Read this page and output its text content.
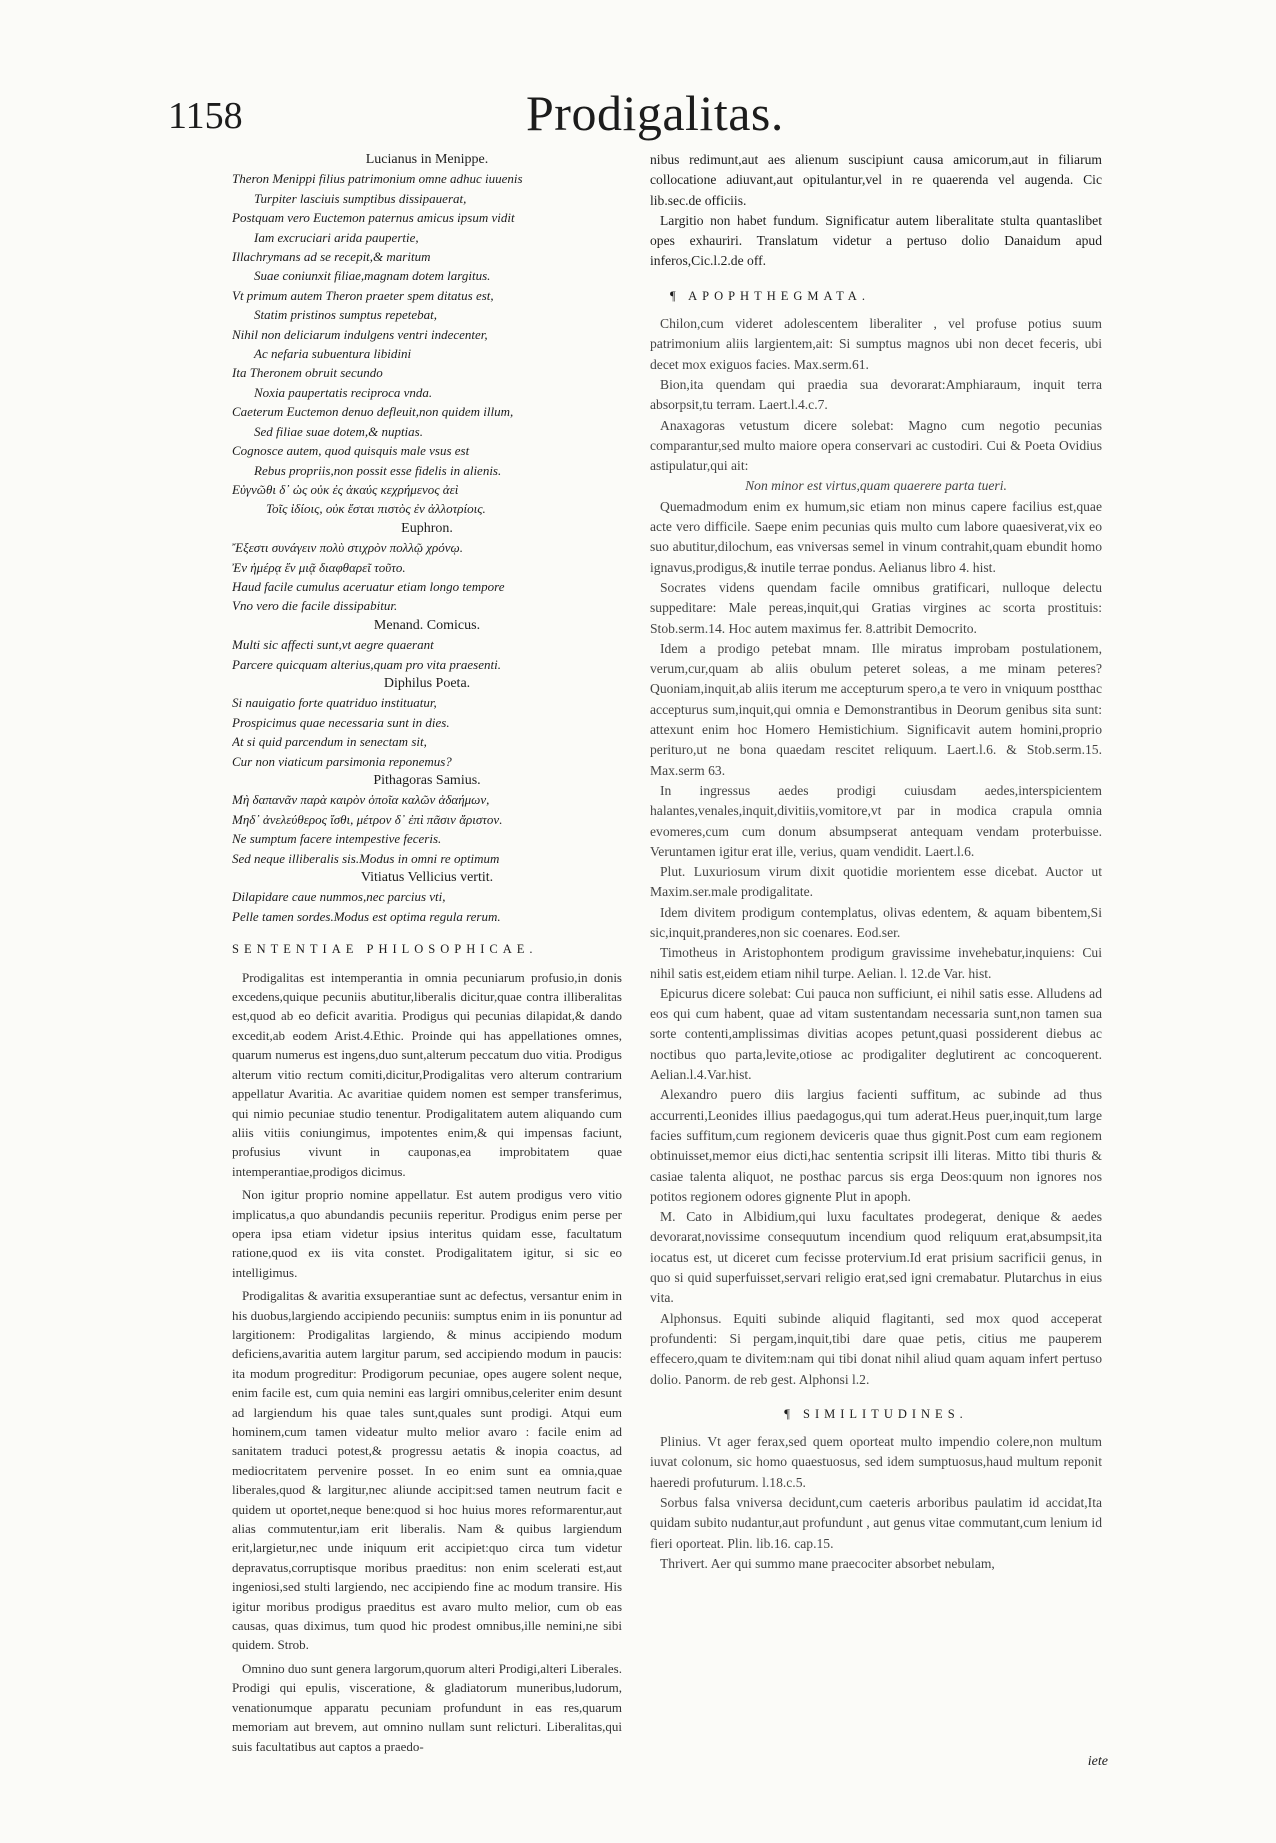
1158	Prodigalitas.
Lucianus in Menippe.
Theron Menippi filius patrimonium omne adhuc iuuenis
Turpiter lasciuis sumptibus dissipauerat,
Postquam vero Euctemon paternus amicus ipsum vidit
Iam excruciari arida paupertie,
Illachrymans ad se recepit,& maritum
Suae coniunxit filiae,magnam dotem largitus.
Vt primum autem Theron praeter spem ditatus est,
Statim pristinos sumptus repetebat,
Nihil non deliciarum indulgens ventri indecenter,
Ac nefaria subuentura libidini
Ita Theronem obruit secundo
Noxia paupertatis reciproca vnda.
Caeterum Euctemon denuo defleuit,non quidem illum,
Sed filiae suae dotem,& nuptias.
Cognosce autem, quod quisquis male vsus est
Rebus propriis,non possit esse fidelis in alienis.
Εὐγνῶθι δ᾽ ὡς οὐκ ἐς ἀκαύς κεχρήμενος ἀεὶ
Τοῖς ἰδίοις, οὐκ ἔσται πιστὸς ἐν ἀλλοτρίοις.
Euphron.
Ἔξεστι συνάγειν πολὺ στιχρὸν πολλῷ χρόνῳ.
Ἐν ἡμέρᾳ ἕν μιᾷ διαφθαρεῖ τοῦτο.
Haud facile cumulus aceruatur etiam longo tempore
Vno vero die facile dissipabitur.
Menand. Comicus.
Multi sic affecti sunt,vt aegre quaerant
Parcere quicquam alterius,quam pro vita praesenti.
Diphilus Poeta.
Si nauigatio forte quatriduo instituatur,
Prospicimus quae necessaria sunt in dies.
At si quid parcendum in senectam sit,
Cur non viaticum parsimonia reponemus?
Pithagoras Samius.
Μὴ δαπανᾶν παρὰ καιρὸν ὁποῖα καλῶν ἀδαήμων,
Μηδ᾽ ἀνελεύθερος ἴσθι, μέτρον δ᾽ ἐπὶ πᾶσιν ἄριστον.
Ne sumptum facere intempestive feceris.
Sed neque illiberalis sis.Modus in omni re optimum
Vitiatus Vellicius vertit.
Dilapidare caue nummos,nec parcius vti,
Pelle tamen sordes.Modus est optima regula rerum.
SENTENTIAE PHILOSOPHICAE.

Prodigalitas est intemperantia in omnia pecuniarum profusio,in donis excedens,quique pecuniis abutitur,liberalis dicitur,quae contra illiberalitas est,quod ab eo deficit avaritia. Prodigus qui pecunias dilapidat,& dando excedit,ab eodem Arist.4.Ethic. Proinde qui has appellationes omnes, quarum numerus est ingens,duo sunt,alterum peccatum duo vitia. Prodigus alterum vitio rectum comiti,dicitur,Prodigalitas vero alterum contrarium appellatur Avaritia. Ac avaritiae quidem nomen est semper transferimus, qui nimio pecuniae studio tenentur. Prodigalitatem autem aliquando cum aliis vitiis coniungimus, impotentes enim,& qui impensas faciunt, profusius vivunt in cauponas,ea improbitatem quae intemperantiae,prodigos dicimus.

Non igitur proprio nomine appellatur. Est autem prodigus vero vitio implicatus,a quo abundandis pecuniis reperitur. Prodigus enim perse per opera ipsa etiam videtur ipsius interitus quidam esse, facultatum ratione,quod ex iis vita constet. Prodigalitatem igitur, si sic eo intelligimus.

Prodigalitas & avaritia exsuperantiae sunt ac defectus, versantur enim in his duobus,largiendo accipiendo pecuniis: sumptus enim in iis ponuntur ad largitionem: Prodigalitas largiendo, & minus accipiendo modum deficiens,avaritia autem largitur parum, sed accipiendo modum in paucis: ita modum progreditur: Prodigorum pecuniae, opes augere solent neque, enim facile est, cum quia nemini eas largiri omnibus,celeriter enim desunt ad largiendum his quae tales sunt,quales sunt prodigi. Atqui eum hominem,cum tamen videatur multo melior avaro : facile enim ad sanitatem traduci potest,& progressu aetatis & inopia coactus, ad mediocritatem pervenire posset. In eo enim sunt ea omnia,quae liberales,quod & largitur,nec aliunde accipit:sed tamen neutrum facit e quidem ut oportet,neque bene:quod si hoc huius mores reformarentur,aut alias commutentur,iam erit liberalis. Nam & quibus largiendum erit,largietur,nec unde iniquum erit accipiet:quo circa tum videtur depravatus,corruptisque moribus praeditus: non enim scelerati est,aut ingeniosi,sed stulti largiendo, nec accipiendo fine ac modum transire. His igitur moribus prodigus praeditus est avaro multo melior, cum ob eas causas, quas diximus, tum quod hic prodest omnibus,ille nemini,ne sibi quidem. Strob.

Omnino duo sunt genera largorum,quorum alteri Prodigi,alteri Liberales. Prodigi qui epulis, visceratione, & gladiatorum muneribus,ludorum, venationumque apparatu pecuniam profundunt in eas res,quarum memoriam aut brevem, aut omnino nullam sunt relicturi. Liberalitas,qui suis facultatibus aut captos a praedo-

nibus redimunt,aut aes alienum suscipiunt causa amicorum,aut in filiarum collocatione adiuvant,aut opitulantur,vel in re quaerenda vel augenda. Cic lib.sec.de officiis.

Largitio non habet fundum. Significatur autem liberalitate stulta quantaslibet opes exhauriri. Translatum videtur a pertuso dolio Danaidum apud inferos,Cic.l.2.de off.

¶ APOPHTHEGMATA.

Chilon,cum videret adolescentem liberaliter , vel profuse potius suum patrimonium aliis largientem,ait: Si sumptus magnos ubi non decet feceris, ubi decet mox exiguos facies. Max.serm.61.

Bion,ita quendam qui praedia sua devorarat:Amphiaraum, inquit terra absorpsit,tu terram. Laert.l.4.c.7.

Anaxagoras vetustum dicere solebat: Magno cum negotio pecunias comparantur,sed multo maiore opera conservari ac custodiri. Cui & Poeta Ovidius astipulatur,qui ait:

Non minor est virtus,quam quaerere parta tueri.

Quemadmodum enim ex humum,sic etiam non minus capere facilius est,quae acte vero difficile. Saepe enim pecunias quis multo cum labore quaesiverat,vix eo suo abutitur,dilochum, eas vniversas semel in vinum contrahit,quam ebundit homo ignavus,prodigus,& inutile terrae pondus. Aelianus libro 4. hist.

Socrates videns quendam facile omnibus gratificari, nulloque delectu suppeditare: Male pereas,inquit,qui Gratias virgines ac scorta prostituis: Stob.serm.14. Hoc autem maximus fer. 8.attribit Democrito.

Idem a prodigo petebat mnam. Ille miratus improbam postulationem, verum,cur,quam ab aliis obulum peteret soleas, a me minam peteres? Quoniam,inquit,ab aliis iterum me accepturum spero,a te vero in vniquum postthac accepturus sum,inquit,qui omnia e Demonstrantibus in Deorum genibus sita sunt: attexunt enim hoc Homero Hemistichium. Significavit autem homini,proprio perituro,ut ne bona quaedam rescitet reliquum. Laert.l.6. & Stob.serm.15. Max.serm 63.

In ingressus aedes prodigi cuiusdam aedes,interspicientem halantes,venales,inquit,divitiis,vomitore,vt par in modica crapula omnia evomeres,cum cum donum absumpserat antequam vendam proterbuisse. Veruntamen igitur erat ille, verius, quam vendidit. Laert.l.6.

Plut. Luxuriosum virum dixit quotidie morientem esse dicebat. Auctor ut Maxim.ser.male prodigalitate.

Idem divitem prodigum contemplatus, olivas edentem, & aquam bibentem,Si sic,inquit,pranderes,non sic coenares. Eod.ser.

Timotheus in Aristophontem prodigum gravissime invehebatur,inquiens: Cui nihil satis est,eidem etiam nihil turpe. Aelian. l. 12.de Var. hist.

Epicurus dicere solebat: Cui pauca non sufficiunt, ei nihil satis esse. Alludens ad eos qui cum habent, quae ad vitam sustentandam necessaria sunt,non tamen sua sorte contenti,amplissimas divitias acopes petunt,quasi possiderent diebus ac noctibus quo parta,levite,otiose ac prodigaliter deglutirent ac concoquerent. Aelian.l.4.Var.hist.

Alexandro puero diis largius facienti suffitum, ac subinde ad thus accurrenti,Leonides illius paedagogus,qui tum aderat.Heus puer,inquit,tum large facies suffitum,cum regionem deviceris quae thus gignit.Post cum eam regionem obtinuisset,memor eius dicti,hac sententia scripsit illi literas. Mitto tibi thuris & casiae talenta aliquot, ne posthac parcus sis erga Deos:quum non ignores nos potitos regionem odores gignente Plut in apoph.

M. Cato in Albidium,qui luxu facultates prodegerat, denique & aedes devorarat,novissime consequutum incendium quod reliquum erat,absumpsit,ita iocatus est, ut diceret cum fecisse protervium.Id erat prisium sacrificii genus, in quo si quid superfuisset,servari religio erat,sed igni cremabatur. Plutarchus in eius vita.

Alphonsus. Equiti subinde aliquid flagitanti, sed mox quod acceperat profundenti: Si pergam,inquit,tibi dare quae petis, citius me pauperem effecero,quam te divitem:nam qui tibi donat nihil aliud quam aquam infert pertuso dolio. Panorm. de reb gest. Alphonsi l.2.

¶ SIMILITUDINES.

Plinius. Vt ager ferax,sed quem oporteat multo impendio colere,non multum iuvat colonum, sic homo quaestuosus, sed idem sumptuosus,haud multum reponit haeredi profuturum. l.18.c.5.

Sorbus falsa vniversa decidunt,cum caeteris arboribus paulatim id accidat,Ita quidam subito nudantur,aut profundunt , aut genus vitae commutant,cum lenium id fieri oporteat. Plin. lib.16. cap.15.

Thrivert. Aer qui summo mane praecociter absorbet nebulam,

iete
